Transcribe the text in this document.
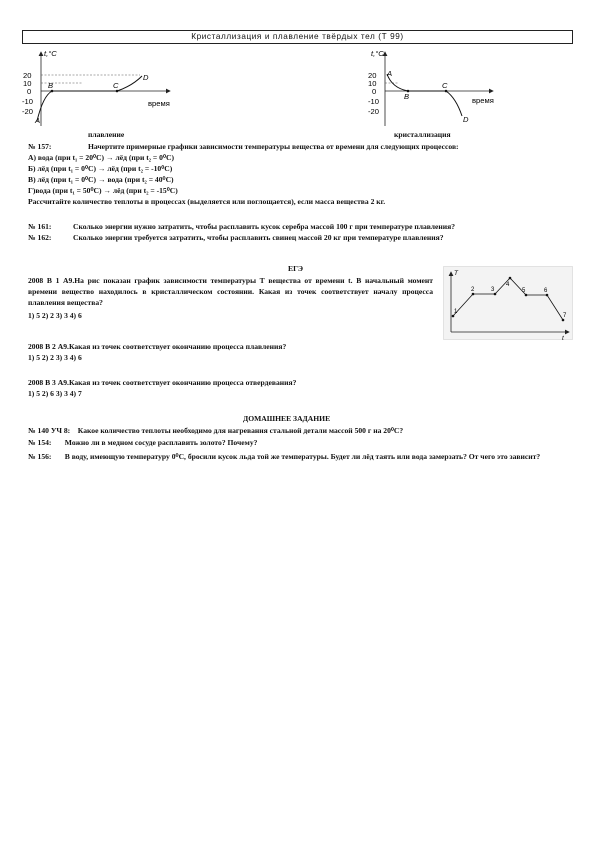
Кристаллизация и плавление твёрдых тел (Т 99)
t,°C
время
20
10
0
-10
-20
A
B	C
D
t,°C
время
20
10
0
-10
-20
A
B
C
D
плавление	кристаллизация
№ 157:	Начертите примерные графики зависимости температуры вещества от времени для следующих процессов:
А) вода (при t₁ = 20⁰С) → лёд (при t₂ = 0⁰С)
Б) лёд (при t₁ = 0⁰С) → лёд (при t₂ = -10⁰С)
В) лёд (при t₁ = 0⁰С) → вода (при t₂ = 40⁰С)
Г)вода (при t₁ = 50⁰С) → лёд (при t₂ = -15⁰С)
Рассчитайте количество теплоты в процессах (выделяется или поглощается), если масса вещества 2 кг.
№ 161:	Сколько энергии нужно затратить, чтобы расплавить кусок серебра массой 100 г при температуре плавления?
№ 162:	Сколько энергии требуется затратить, чтобы расплавить свинец массой 20 кг при температуре плавления?
ЕГЭ
2008 В 1 А9.На рис показан график зависимости температуры Т вещества от времени t. В начальный момент времени вещество находилось в кристаллическом состоянии. Какая из точек соответствует началу процесса плавления вещества?
1) 5 2) 2 3) 3 4) 6
T
t
1
2	3
4
5	6
7
2008 В 2 А9.Какая из точек соответствует окончанию процесса плавления?
1) 5 2) 2 3) 3 4) 6
2008 В 3 А9.Какая из точек соответствует окончанию процесса отвердевания?
1) 5 2) 6 3) 3 4) 7
ДОМАШНЕЕ ЗАДАНИЕ
№ 140 УЧ 8: Какое количество теплоты необходимо для нагревания стальной детали массой 500 г на 20⁰С?
№ 154: Можно ли в медном сосуде расплавить золото? Почему?
№ 156: В воду, имеющую температуру 0⁰С, бросили кусок льда той же температуры. Будет ли лёд таять или вода замерзать? От чего это зависит?
